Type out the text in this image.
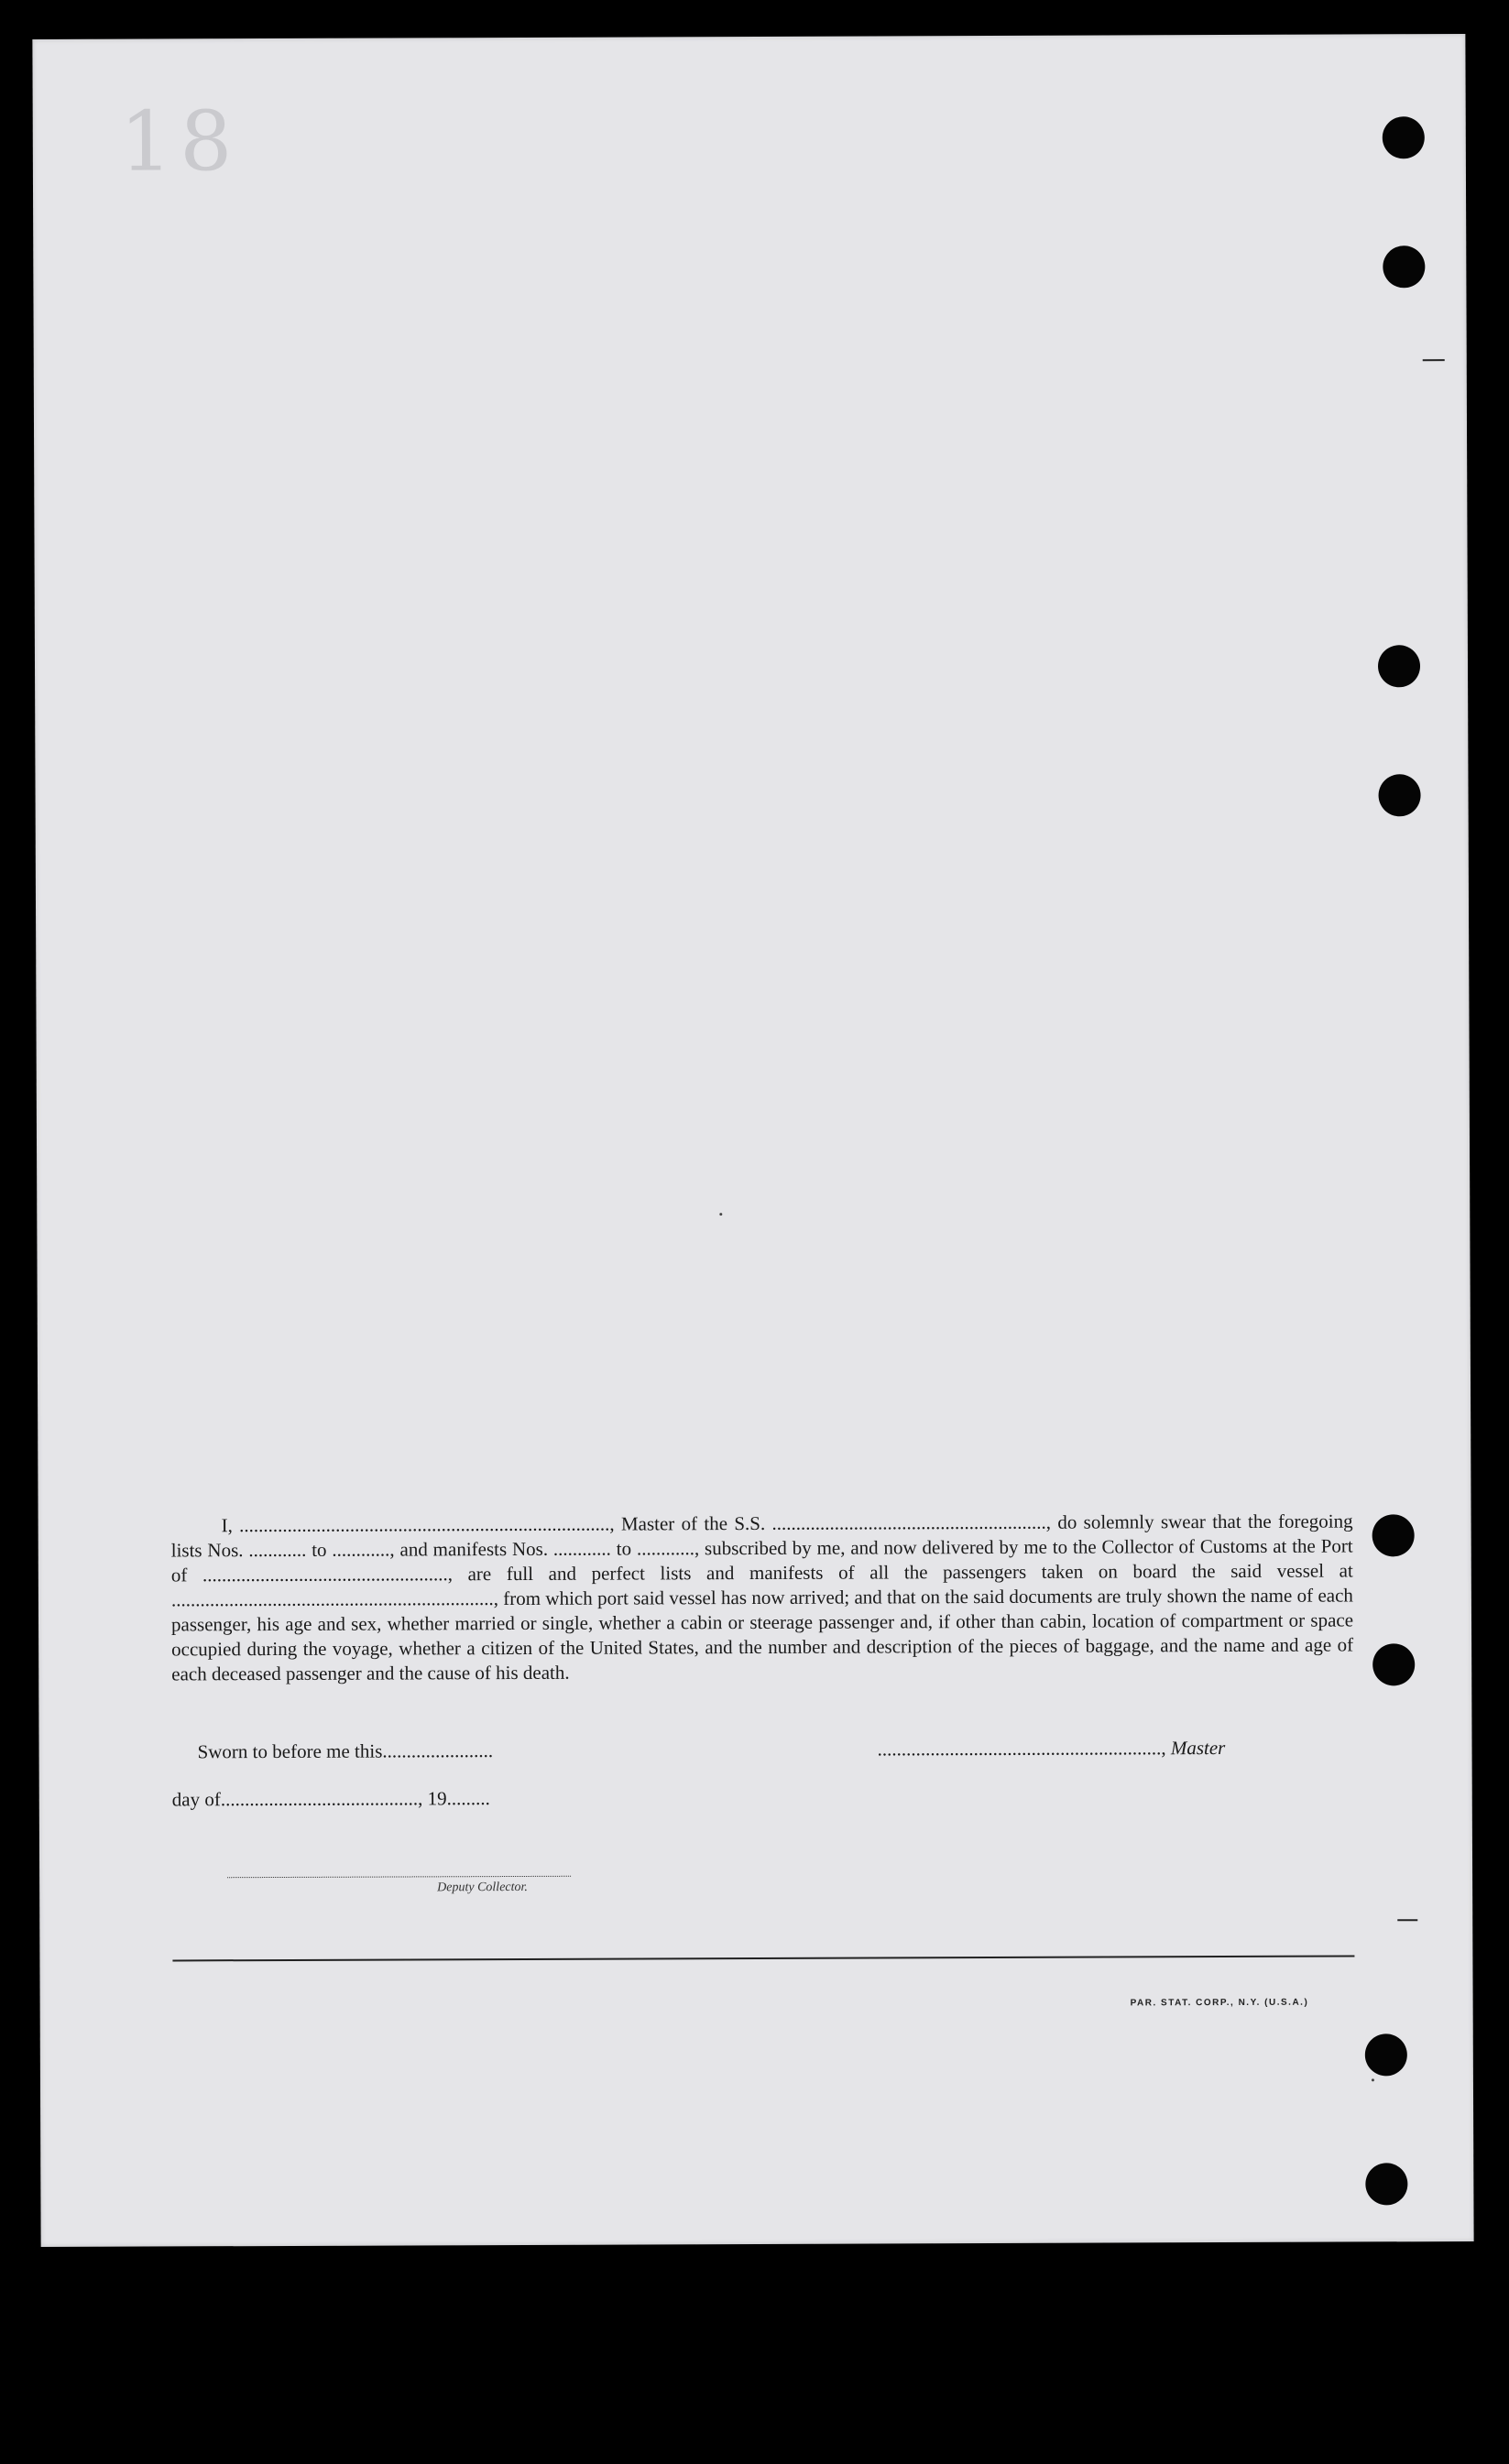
18

I, ............................................................................., Master of the S.S. ........................................................., do solemnly swear that the foregoing lists Nos. ............ to ............, and manifests Nos. ............ to ............, subscribed by me, and now delivered by me to the Collector of Customs at the Port of ..................................................., are full and perfect lists and manifests of all the passengers taken on board the said vessel at ..................................................................., from which port said vessel has now arrived; and that on the said documents are truly shown the name of each passenger, his age and sex, whether married or single, whether a cabin or steerage passenger and, if other than cabin, location of compartment or space occupied during the voyage, whether a citizen of the United States, and the number and description of the pieces of baggage, and the name and age of each deceased passenger and the cause of his death.

Sworn to before me this.......................	..........................................................., Master
day of........................................., 19.........
Deputy Collector.
PAR. STAT. CORP., N.Y. (U.S.A.)
